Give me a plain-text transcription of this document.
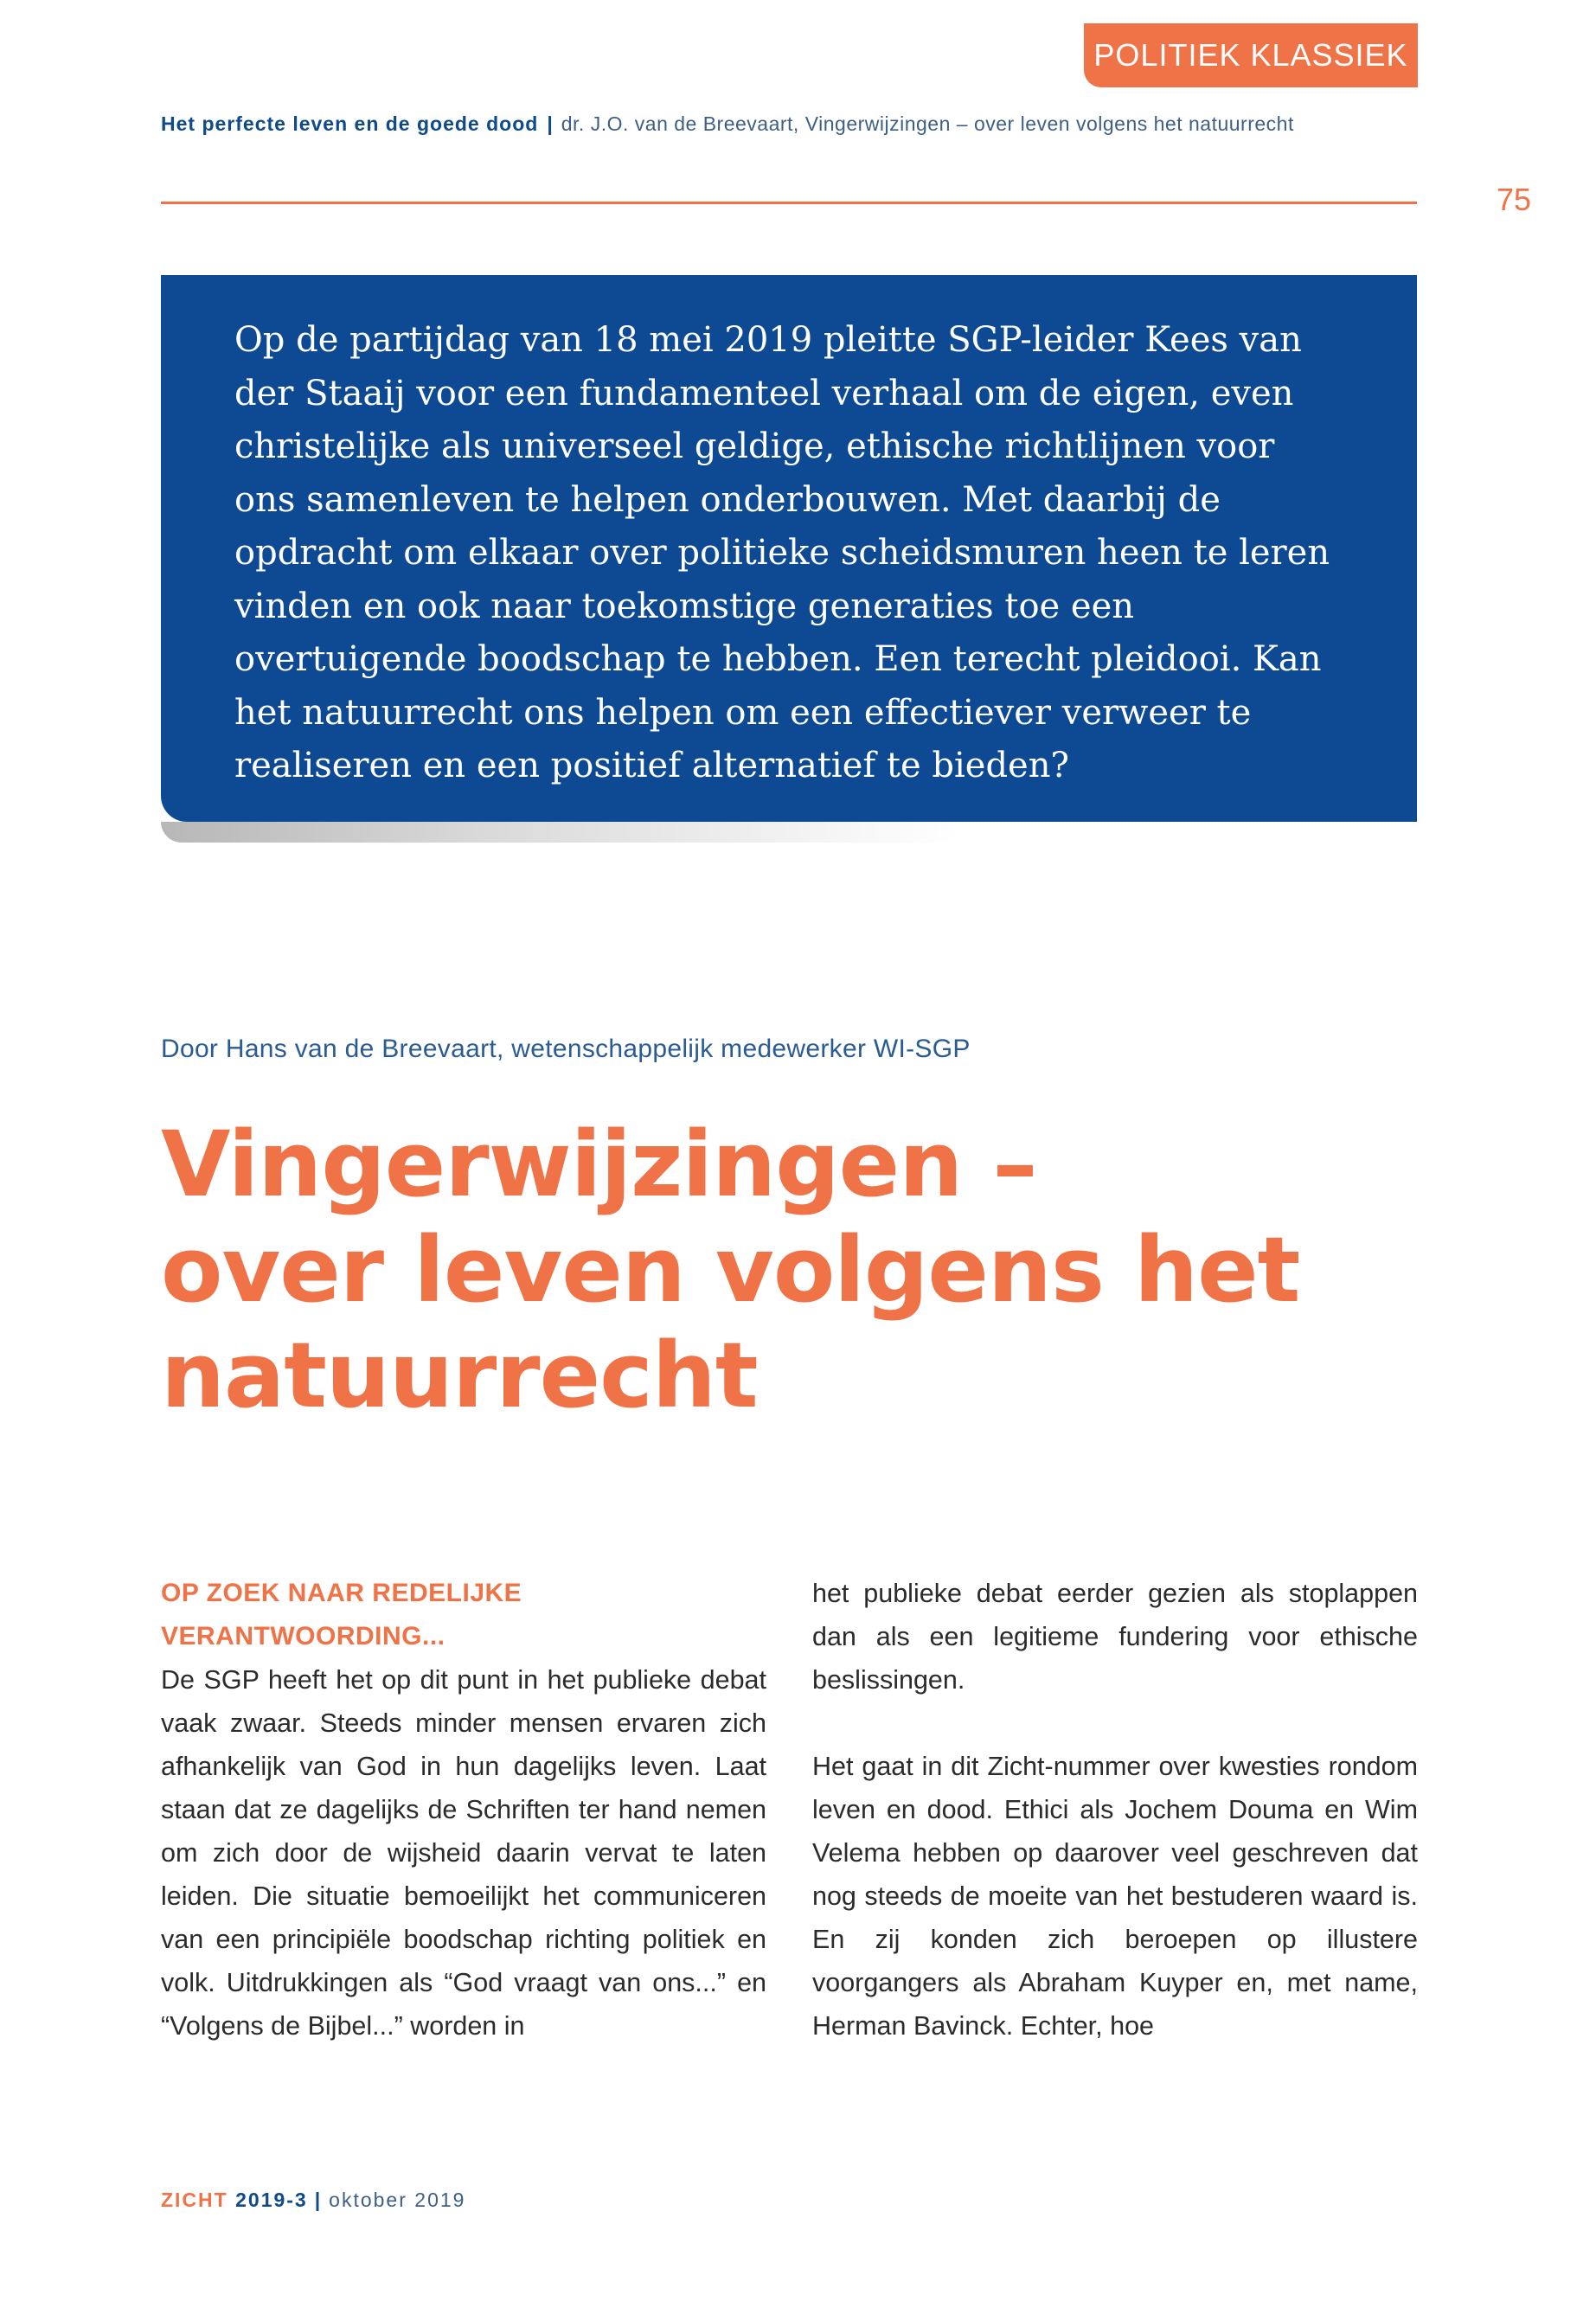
POLITIEK KLASSIEK
Het perfecte leven en de goede dood | dr. J.O. van de Breevaart, Vingerwijzingen – over leven volgens het natuurrecht
75

Op de partijdag van 18 mei 2019 pleitte SGP-leider Kees van der Staaij voor een fundamenteel verhaal om de eigen, even christelijke als universeel geldige, ethische richtlijnen voor ons samenleven te helpen onderbouwen. Met daarbij de opdracht om elkaar over politieke scheidsmuren heen te leren vinden en ook naar toekomstige generaties toe een overtuigende boodschap te hebben. Een terecht pleidooi. Kan het natuurrecht ons helpen om een effectiever verweer te realiseren en een positief alternatief te bieden?

Door Hans van de Breevaart, wetenschappelijk medewerker WI-SGP
Vingerwijzingen –
over leven volgens het
natuurrecht
OP ZOEK NAAR REDELIJKE VERANTWOORDING...

De SGP heeft het op dit punt in het publieke debat vaak zwaar. Steeds minder mensen ervaren zich afhankelijk van God in hun dagelijks leven. Laat staan dat ze dagelijks de Schriften ter hand nemen om zich door de wijsheid daarin vervat te laten leiden. Die situatie bemoeilijkt het communiceren van een principiële boodschap richting politiek en volk. Uitdrukkingen als “God vraagt van ons...” en “Volgens de Bijbel...” worden in

het publieke debat eerder gezien als stoplappen dan als een legitieme fundering voor ethische beslissingen.

Het gaat in dit Zicht-nummer over kwesties rondom leven en dood. Ethici als Jochem Douma en Wim Velema hebben op daarover veel geschreven dat nog steeds de moeite van het bestuderen waard is. En zij konden zich beroepen op illustere voorgangers als Abraham Kuyper en, met name, Herman Bavinck. Echter, hoe

ZICHT 2019-3 | oktober 2019
